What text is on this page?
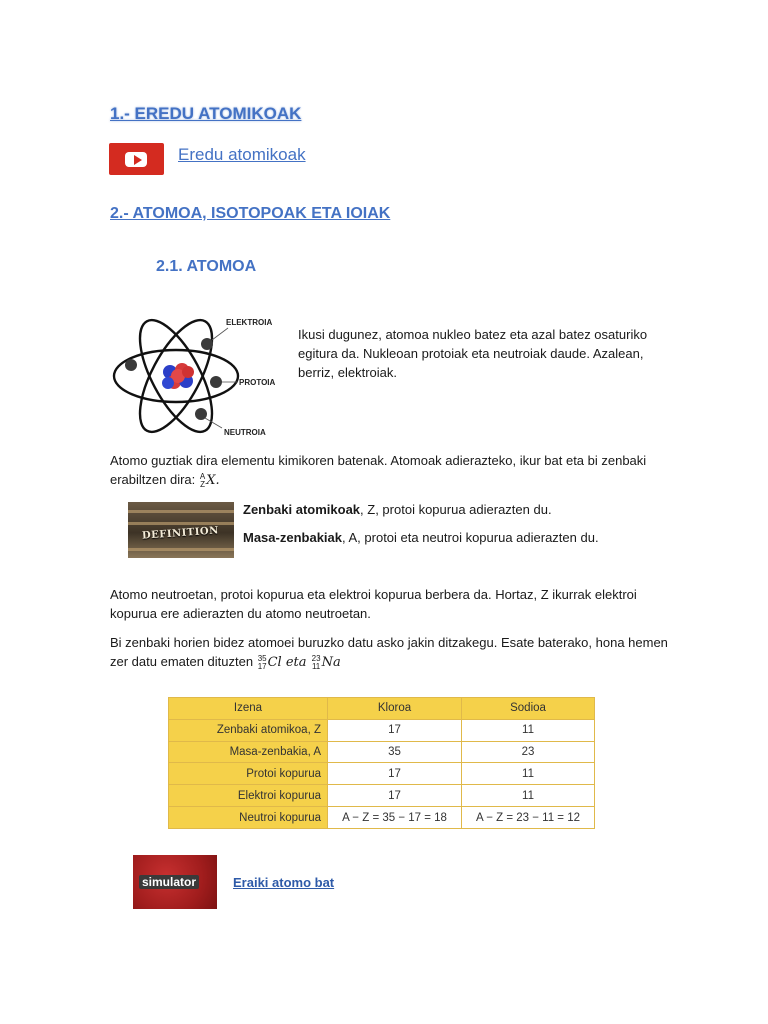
1.- EREDU ATOMIKOAK
Eredu atomikoak
2.- ATOMOA, ISOTOPOAK ETA IOIAK
2.1. ATOMOA
ELEKTROIA
PROTOIA
NEUTROIA
Ikusi dugunez, atomoa nukleo batez eta azal batez osaturiko egitura da. Nukleoan protoiak eta neutroiak daude. Azalean, berriz, elektroiak.
Atomo guztiak dira elementu kimikoren batenak. Atomoak adierazteko, ikur bat eta bi zenbaki erabiltzen dira: A
Z X.
DEFINITION
Zenbaki atomikoak, Z, protoi kopurua adierazten du.
Masa-zenbakiak, A, protoi eta neutroi kopurua adierazten du.
Atomo neutroetan, protoi kopurua eta elektroi kopurua berbera da. Hortaz, Z ikurrak elektroi kopurua ere adierazten du atomo neutroetan.
Bi zenbaki horien bidez atomoei buruzko datu asko jakin ditzakegu. Esate baterako, hona hemen zer datu ematen dituzten 35
17 Cl eta 23
11 Na
Izena	Kloroa	Sodioa
Zenbaki atomikoa, Z	17	11
Masa-zenbakia, A	35	23
Protoi kopurua	17	11
Elektroi kopurua	17	11
Neutroi kopurua	A − Z = 35 − 17 = 18	A − Z = 23 − 11 = 12
simulator	Eraiki atomo bat
